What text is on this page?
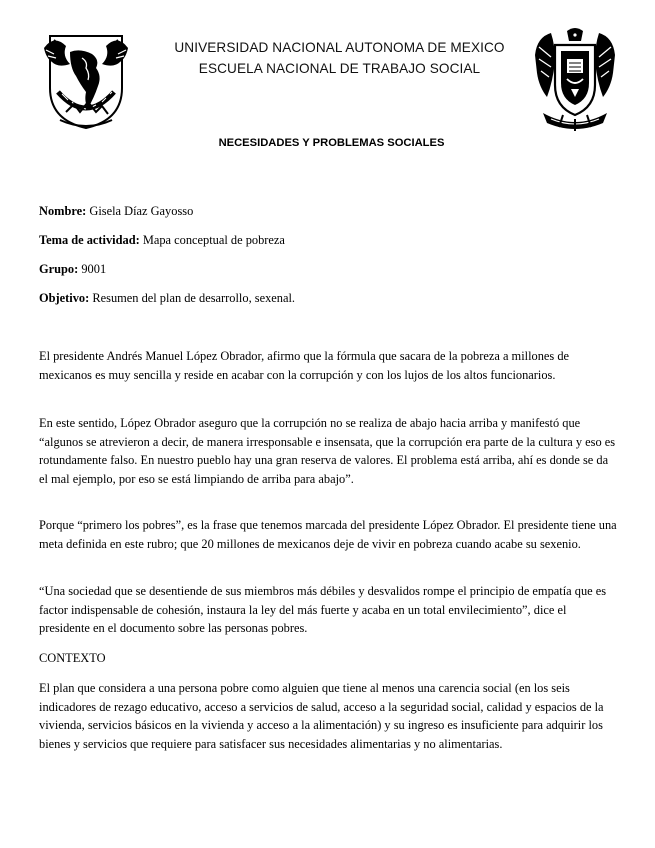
UNIVERSIDAD NACIONAL AUTONOMA DE MEXICO
ESCUELA NACIONAL DE TRABAJO SOCIAL
NECESIDADES Y PROBLEMAS SOCIALES
Nombre: Gisela Díaz Gayosso
Tema de actividad: Mapa conceptual de pobreza
Grupo: 9001
Objetivo: Resumen del plan de desarrollo, sexenal.
El presidente Andrés Manuel López Obrador, afirmo que la fórmula que sacara de la pobreza a millones de mexicanos es muy sencilla y reside en acabar con la corrupción y con los lujos de los altos funcionarios.
En este sentido, López Obrador aseguro que la corrupción no se realiza de abajo hacia arriba y manifestó que “algunos se atrevieron a decir, de manera irresponsable e insensata, que la corrupción era parte de la cultura y eso es rotundamente falso. En nuestro pueblo hay una gran reserva de valores. El problema está arriba, ahí es donde se da el mal ejemplo, por eso se está limpiando de arriba para abajo”.
Porque “primero los pobres”, es la frase que tenemos marcada del presidente López Obrador. El presidente tiene una meta definida en este rubro; que 20 millones de mexicanos deje de vivir en pobreza cuando acabe su sexenio.
“Una sociedad que se desentiende de sus miembros más débiles y desvalidos rompe el principio de empatía que es factor indispensable de cohesión, instaura la ley del más fuerte y acaba en un total envilecimiento”, dice el presidente en el documento sobre las personas pobres.
CONTEXTO
El plan que considera a una persona pobre como alguien que tiene al menos una carencia social (en los seis indicadores de rezago educativo, acceso a servicios de salud, acceso a la seguridad social, calidad y espacios de la vivienda, servicios básicos en la vivienda y acceso a la alimentación) y su ingreso es insuficiente para adquirir los bienes y servicios que requiere para satisfacer sus necesidades alimentarias y no alimentarias.
